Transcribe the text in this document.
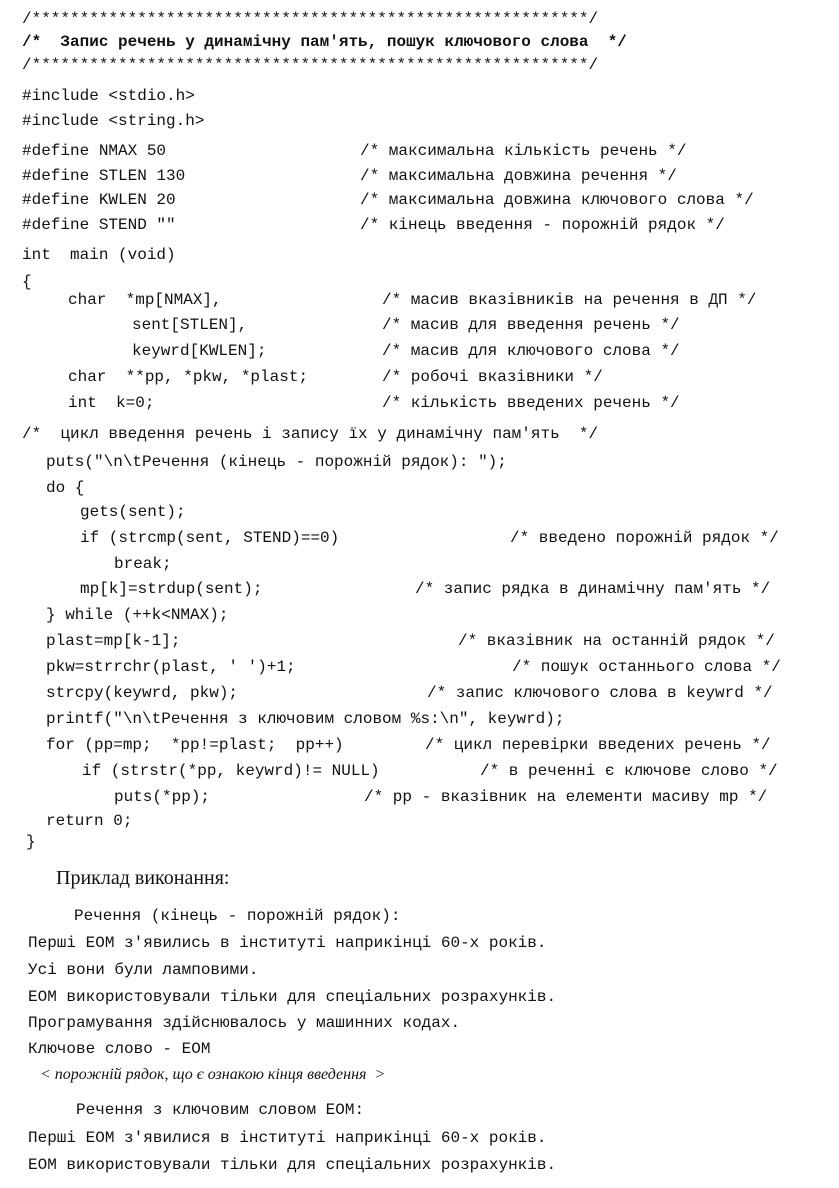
/**********************************************************/
/*  Запис речень у динамічну пам'ять, пошук ключового слова  */
/**********************************************************/
#include <stdio.h>
#include <string.h>
#define NMAX 50	/* максимальна кількість речень */
#define STLEN 130	/* максимальна довжина речення */
#define KWLEN 20	/* максимальна довжина ключового слова */
#define STEND ""	/* кінець введення - порожній рядок */
int  main (void)
{
char  *mp[NMAX],	/* масив вказівників на речення в ДП */
sent[STLEN],	/* масив для введення речень */
keywrd[KWLEN];	/* масив для ключового слова */
char  **pp, *pkw, *plast;	/* робочі вказівники */
int  k=0;	/* кількість введених речень */
/*  цикл введення речень і запису їх у динамічну пам'ять  */
puts("\n\tРечення (кінець - порожній рядок): ");
do {
gets(sent);
if (strcmp(sent, STEND)==0)	/* введено порожній рядок */
break;
mp[k]=strdup(sent);	/* запис рядка в динамічну пам'ять */
} while (++k<NMAX);
plast=mp[k-1];	/* вказівник на останній рядок */
pkw=strrchr(plast, ' ')+1;	/* пошук останнього слова */
strcpy(keywrd, pkw);	/* запис ключового слова в keywrd */
printf("\n\tРечення з ключовим словом %s:\n", keywrd);
for (pp=mp;  *pp!=plast;  pp++)	/* цикл перевірки введених речень */
if (strstr(*pp, keywrd)!= NULL)	/* в реченні є ключове слово */
puts(*pp);	/* pp - вказівник на елементи масиву mp */
return 0;
}
Приклад виконання:
Речення (кінець - порожній рядок):
Перші ЕОМ з'явились в інституті наприкінці 60-х років.
Усі вони були ламповими.
ЕОМ використовували тільки для спеціальних розрахунків.
Програмування здійснювалось у машинних кодах.
Ключове слово - ЕОМ
< порожній рядок, що є ознакою кінця введення  >
Речення з ключовим словом ЕОМ:
Перші ЕОМ з'явилися в інституті наприкінці 60-х років.
ЕОМ використовували тільки для спеціальних розрахунків.
